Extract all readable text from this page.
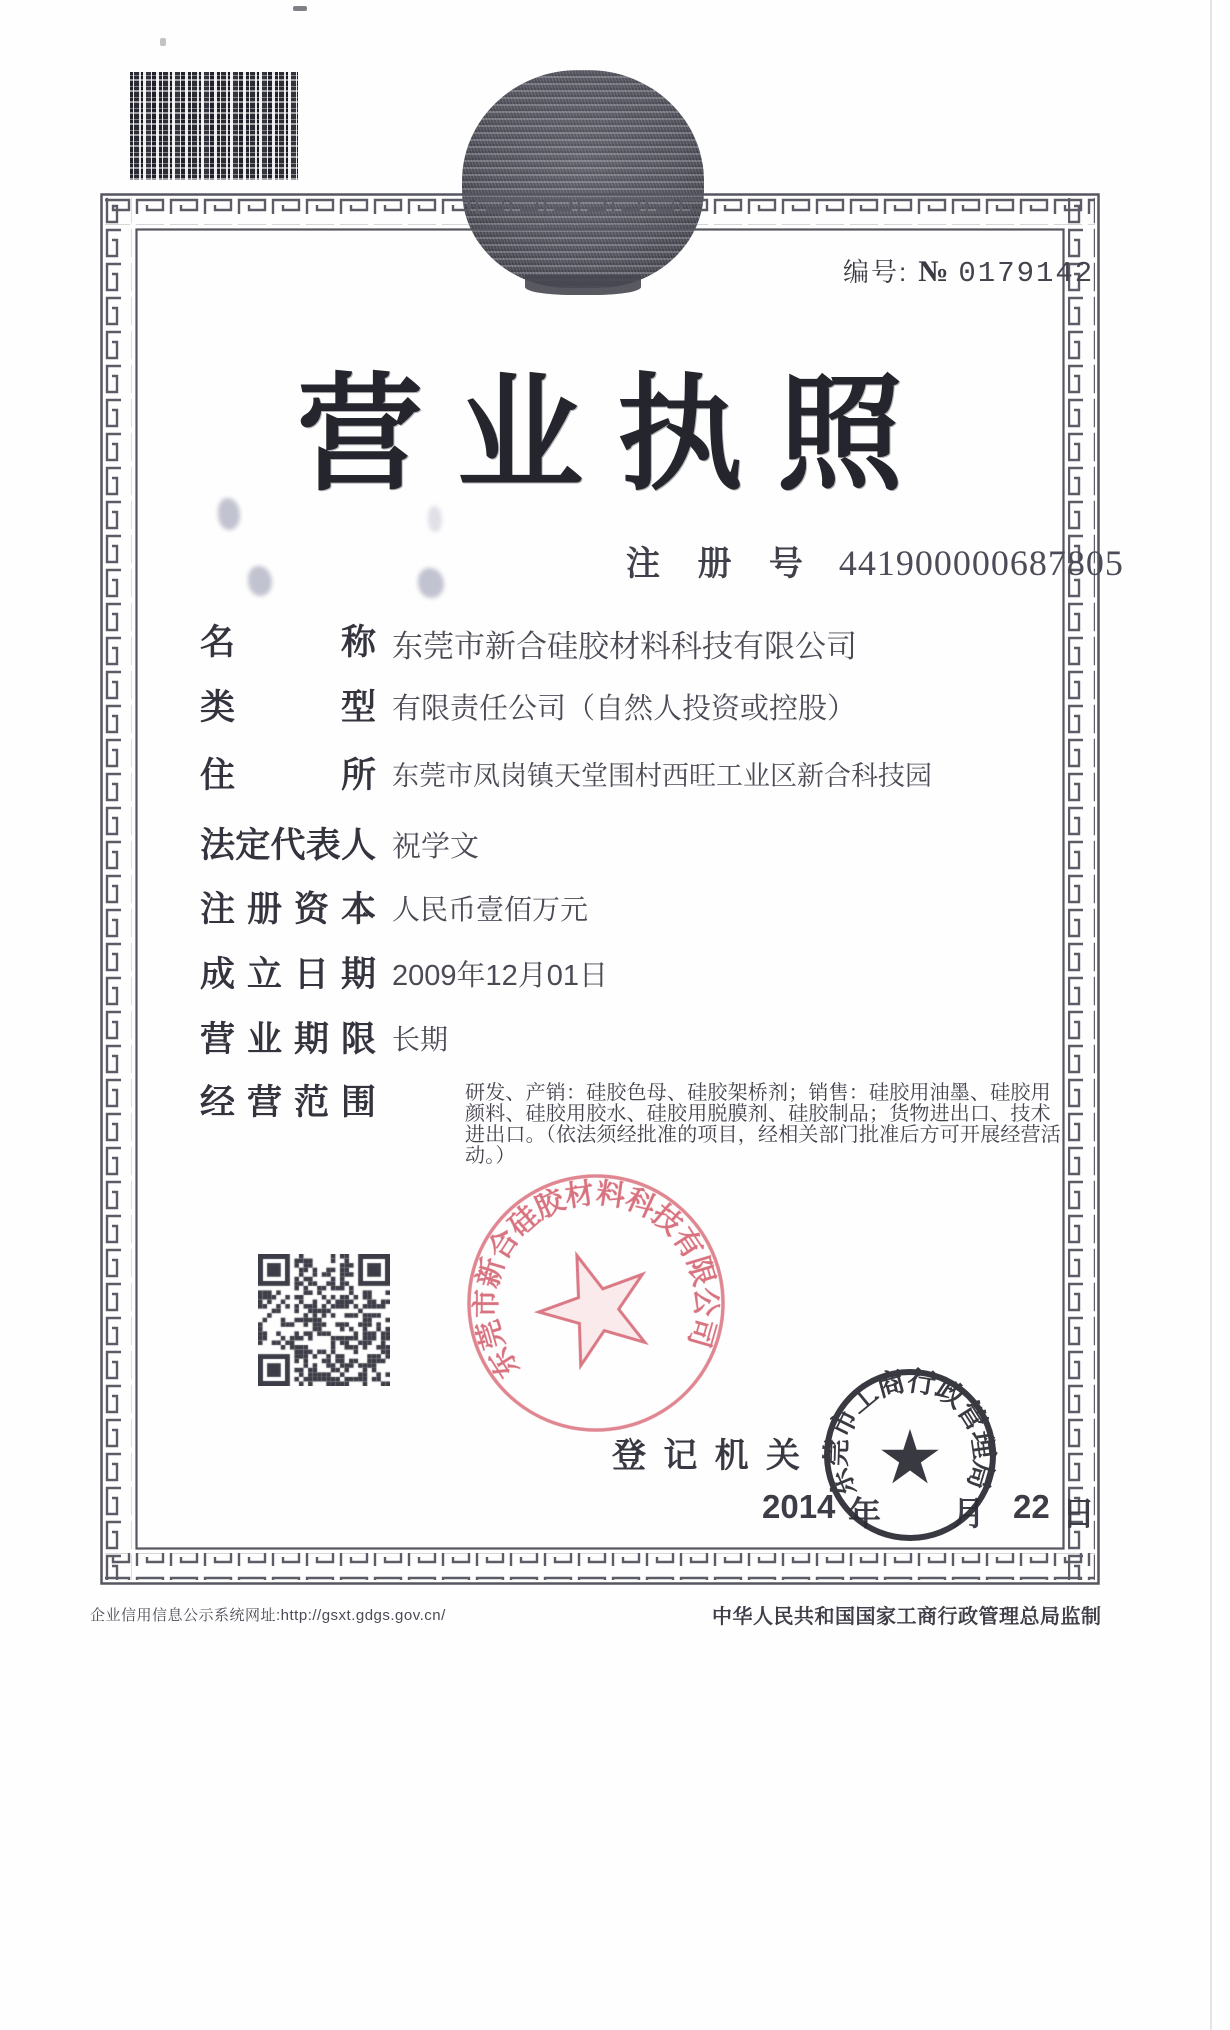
编号: № 0179142
营业执照
注 册 号 441900000687805
名	称 东莞市新合硅胶材料科技有限公司
类	型 有限责任公司（自然人投资或控股）
住	所 东莞市凤岗镇天堂围村西旺工业区新合科技园
法 定 代 表 人 祝学文
注 册 资 本 人民币壹佰万元
成 立 日 期 2009年12月01日
营 业 期 限 长期
经 营 范 围	研发、产销：硅胶色母、硅胶架桥剂；销售：硅胶用油墨、硅胶用颜料、硅胶用胶水、硅胶用脱膜剂、硅胶制品；货物进出口、技术进出口。（依法须经批准的项目，经相关部门批准后方可开展经营活动。）
东莞市新合硅胶材料科技有限公司
登 记 机 关
2014 年 月 22 日
东莞市工商行政管理局
企业信用信息公示系统网址:http://gsxt.gdgs.gov.cn/	中华人民共和国国家工商行政管理总局监制
